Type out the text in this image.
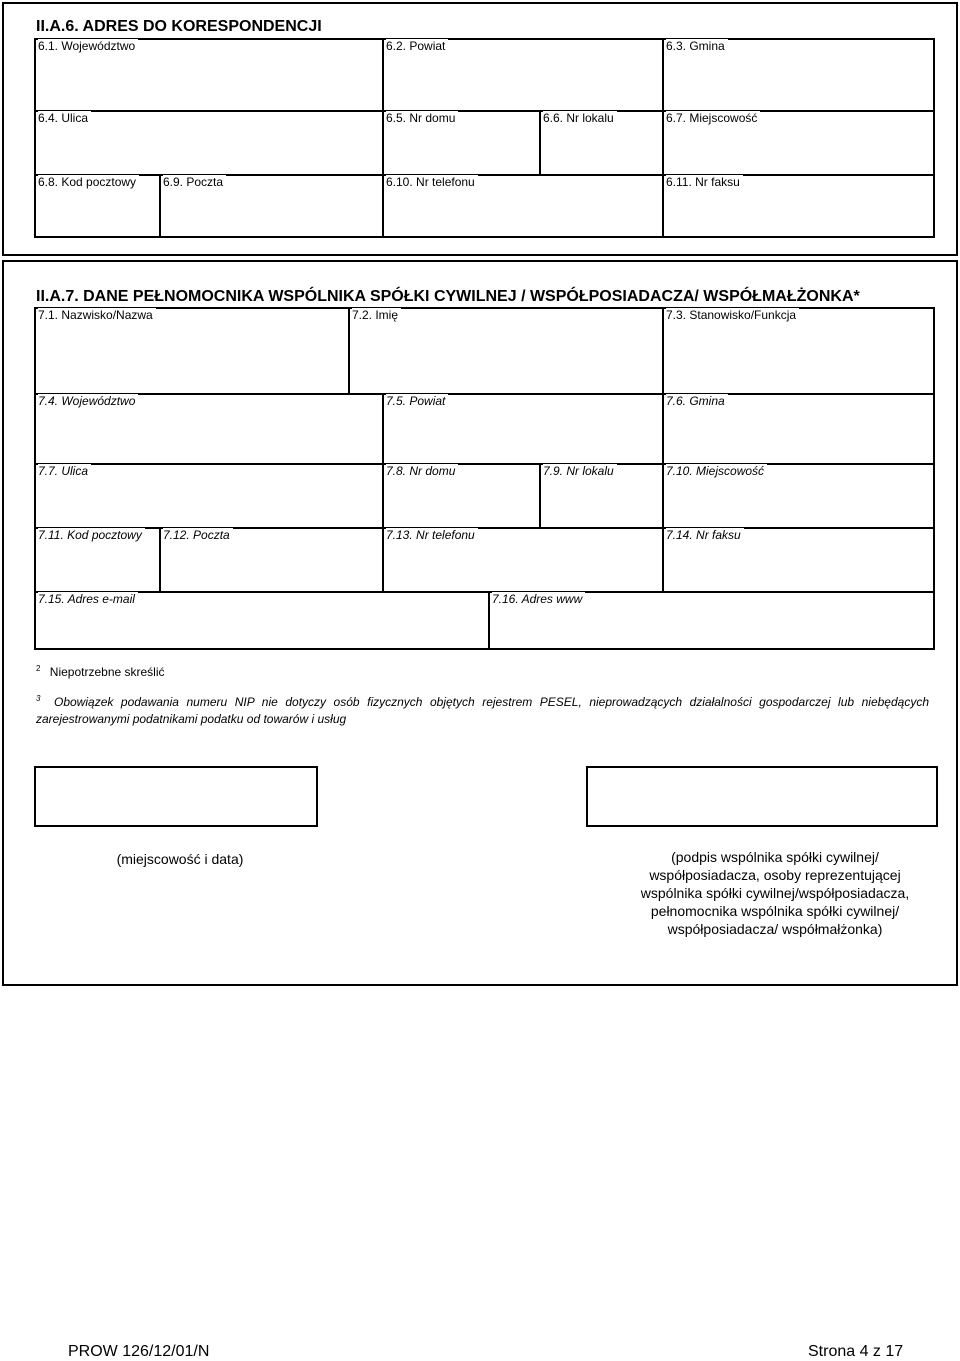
II.A.6. ADRES DO KORESPONDENCJI
6.1. Województwo	6.2. Powiat	6.3. Gmina
6.4. Ulica	6.5. Nr domu	6.6. Nr lokalu	6.7. Miejscowość
6.8. Kod pocztowy 6.9. Poczta	6.10. Nr telefonu	6.11. Nr faksu
II.A.7. DANE PEŁNOMOCNIKA WSPÓLNIKA SPÓŁKI CYWILNEJ / WSPÓŁPOSIADACZA/ WSPÓŁMAŁŻONKA*
7.1. Nazwisko/Nazwa	7.2. Imię	7.3. Stanowisko/Funkcja
7.4. Województwo	7.5. Powiat	7.6. Gmina
7.7. Ulica	7.8. Nr domu	7.9. Nr lokalu	7.10. Miejscowość
7.11. Kod pocztowy 7.12. Poczta	7.13. Nr telefonu	7.14. Nr faksu
7.15. Adres e-mail	7.16. Adres www
$^2$ Niepotrzebne skreślić
$^3$ Obowiązek podawania numeru NIP nie dotyczy osób fizycznych objętych rejestrem PESEL, nieprowadzących działalności gospodarczej lub niebędących zarejestrowanymi podatnikami podatku od towarów i usług
(miejscowość i data)	(podpis wspólnika spółki cywilnej/ współposiadacza, osoby reprezentującej wspólnika spółki cywilnej/współposiadacza, pełnomocnika wspólnika spółki cywilnej/ współposiadacza/ współmałżonka)
PROW 126/12/01/N	Strona 4 z 17
